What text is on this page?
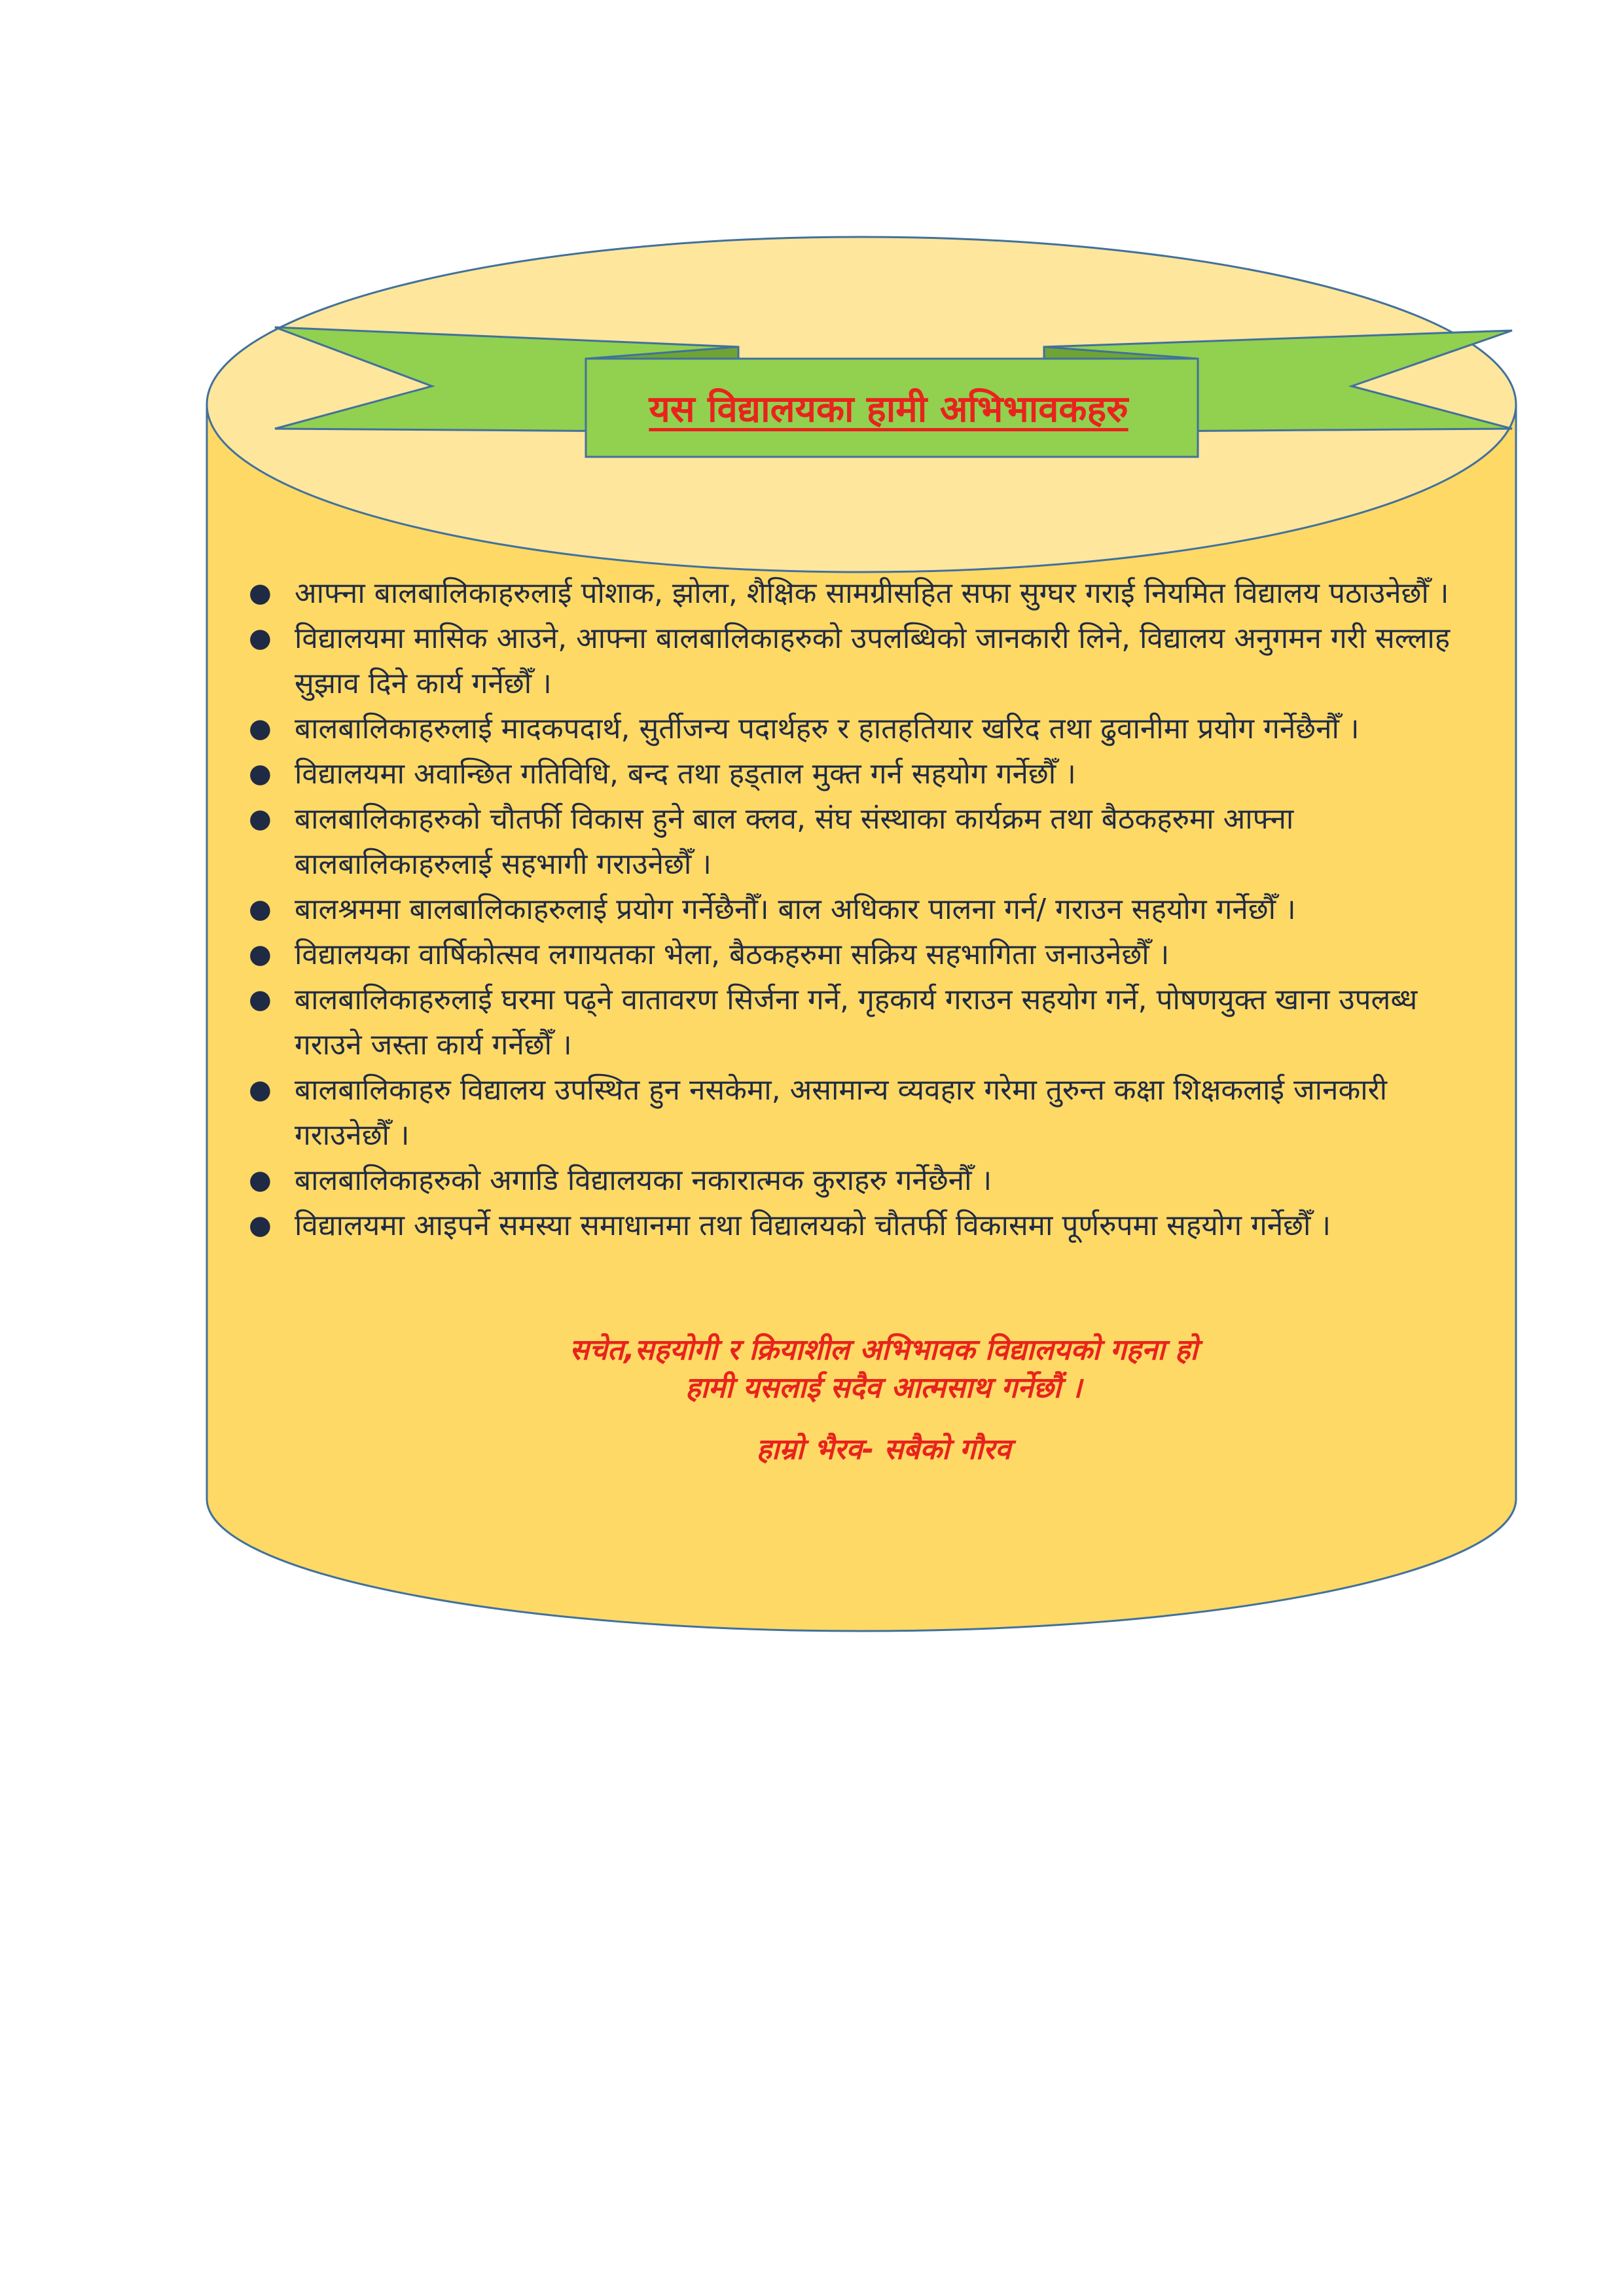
यस विद्यालयका हामी अभिभावकहरु
● आफ्ना बालबालिकाहरुलाई पोशाक, झोला, शैक्षिक सामग्रीसहित सफा सुग्घर गराई नियमित विद्यालय पठाउनेछौँ ।
● विद्यालयमा मासिक आउने, आफ्ना बालबालिकाहरुको उपलब्धिको जानकारी लिने, विद्यालय अनुगमन गरी सल्लाह सुझाव दिने कार्य गर्नेछौँ ।
● बालबालिकाहरुलाई मादकपदार्थ, सुर्तीजन्य पदार्थहरु र हातहतियार खरिद तथा ढुवानीमा प्रयोग गर्नेछैनौँ ।
● विद्यालयमा अवान्छित गतिविधि, बन्द तथा हड्ताल मुक्त गर्न सहयोग गर्नेछौँ ।
● बालबालिकाहरुको चौतर्फी विकास हुने बाल क्लव, संघ संस्थाका कार्यक्रम तथा बैठकहरुमा आफ्ना बालबालिकाहरुलाई सहभागी गराउनेछौँ ।
● बालश्रममा बालबालिकाहरुलाई प्रयोग गर्नेछैनौँ। बाल अधिकार पालना गर्न/ गराउन सहयोग गर्नेछौँ ।
● विद्यालयका वार्षिकोत्सव लगायतका भेला, बैठकहरुमा सक्रिय सहभागिता जनाउनेछौँ ।
● बालबालिकाहरुलाई घरमा पढ्ने वातावरण सिर्जना गर्ने, गृहकार्य गराउन सहयोग गर्ने, पोषणयुक्त खाना उपलब्ध गराउने जस्ता कार्य गर्नेछौँ ।
● बालबालिकाहरु विद्यालय उपस्थित हुन नसकेमा, असामान्य व्यवहार गरेमा तुरुन्त कक्षा शिक्षकलाई जानकारी गराउनेछौँ ।
● बालबालिकाहरुको अगाडि विद्यालयका नकारात्मक कुराहरु गर्नेछैनौँ ।
● विद्यालयमा आइपर्ने समस्या समाधानमा तथा विद्यालयको चौतर्फी विकासमा पूर्णरुपमा सहयोग गर्नेछौँ ।
सचेत,सहयोगी र क्रियाशील अभिभावक विद्यालयको गहना हो
हामी यसलाई सदैव आत्मसाथ गर्नेछौं ।
हाम्रो भैरव- सबैको गौरव
